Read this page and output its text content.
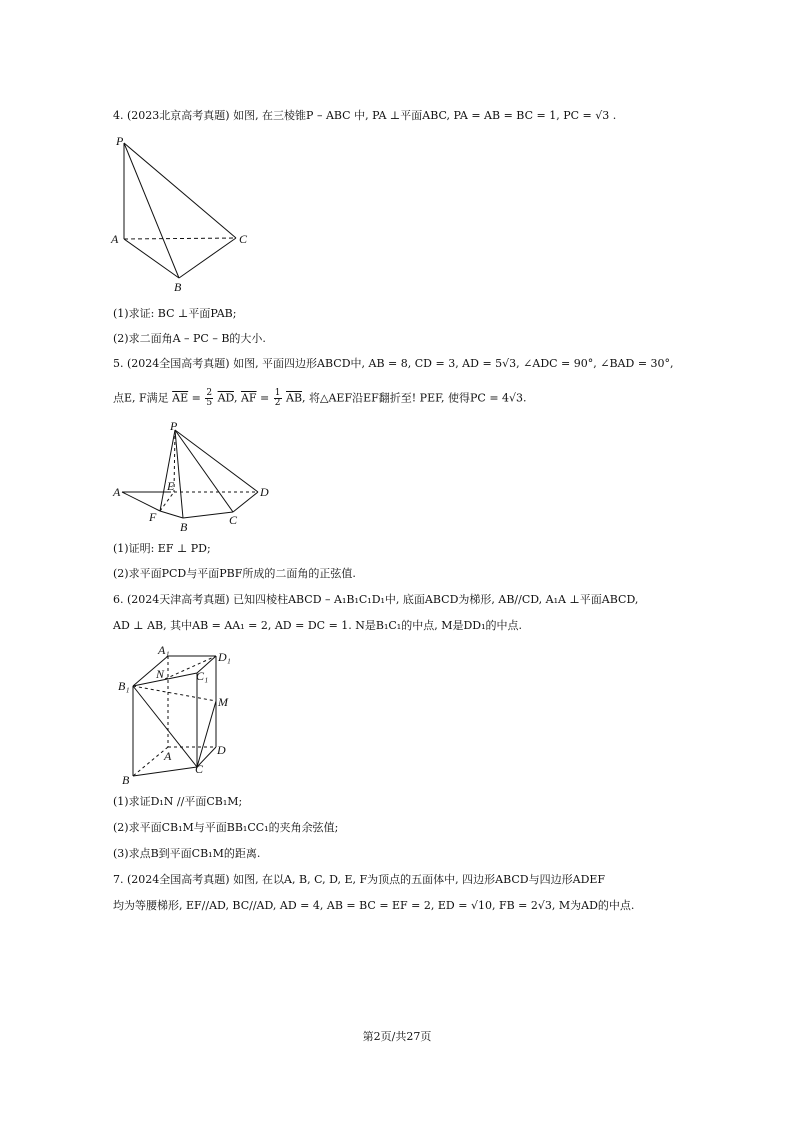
4. (2023北京高考真题) 如图, 在三棱锥P – ABC 中, PA ⊥平面ABC, PA = AB = BC = 1, PC = √3 .
P
A	C
B
(1)求证: BC ⊥平面PAB;
(2)求二面角A – PC – B的大小.
5. (2024全国高考真题) 如图, 平面四边形ABCD中, AB = 8, CD = 3, AD = 5√3, ∠ADC = 90°, ∠BAD = 30°,
点E, F满足 $\overline{AE} = \frac{2}{5} \overline{AD}$, $\overline{AF} = \frac{1}{2} \overline{AB}$, 将△AEF沿EF翻折至! PEF, 使得PC = 4√3.
P
A	E	D
F
B	C
(1)证明: EF ⊥ PD;
(2)求平面PCD与平面PBF所成的二面角的正弦值.
6. (2024天津高考真题) 已知四棱柱ABCD – A₁B₁C₁D₁中, 底面ABCD为梯形, AB//CD, A₁A ⊥平面ABCD,
AD ⊥ AB, 其中AB = AA₁ = 2, AD = DC = 1. N是B₁C₁的中点, M是DD₁的中点.
A₁	D₁
B₁
N	C₁
M
D
A
C
B
(1)求证D₁N //平面CB₁M;
(2)求平面CB₁M与平面BB₁CC₁的夹角余弦值;
(3)求点B到平面CB₁M的距离.
7. (2024全国高考真题) 如图, 在以A, B, C, D, E, F为顶点的五面体中, 四边形ABCD与四边形ADEF
均为等腰梯形, EF//AD, BC//AD, AD = 4, AB = BC = EF = 2, ED = √10, FB = 2√3, M为AD的中点.
第2页/共27页
